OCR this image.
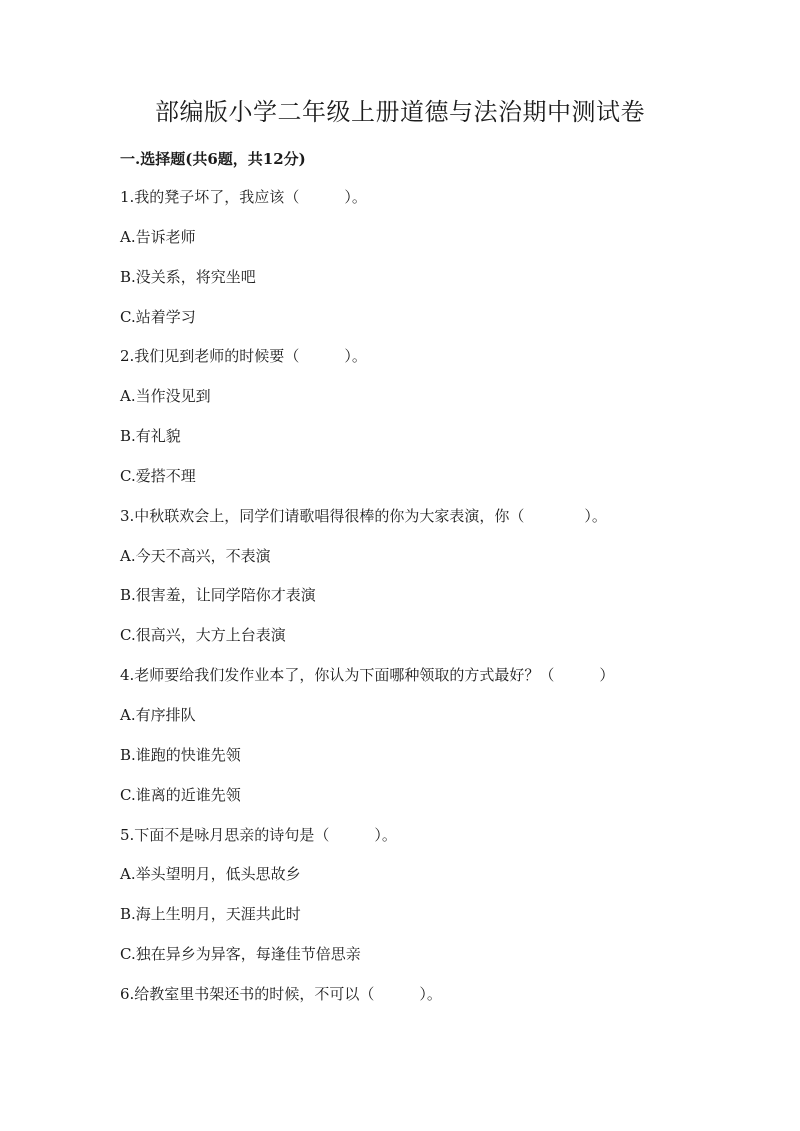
部编版小学二年级上册道德与法治期中测试卷
一.选择题(共6题，共12分)
1.我的凳子坏了，我应该（　　　）。
A.告诉老师
B.没关系，将究坐吧
C.站着学习
2.我们见到老师的时候要（　　　）。
A.当作没见到
B.有礼貌
C.爱搭不理
3.中秋联欢会上，同学们请歌唱得很棒的你为大家表演，你（　　　　）。
A.今天不高兴，不表演
B.很害羞，让同学陪你才表演
C.很高兴，大方上台表演
4.老师要给我们发作业本了，你认为下面哪种领取的方式最好？（　　　）
A.有序排队
B.谁跑的快谁先领
C.谁离的近谁先领
5.下面不是咏月思亲的诗句是（　　　）。
A.举头望明月，低头思故乡
B.海上生明月，天涯共此时
C.独在异乡为异客，每逢佳节倍思亲
6.给教室里书架还书的时候，不可以（　　　）。
